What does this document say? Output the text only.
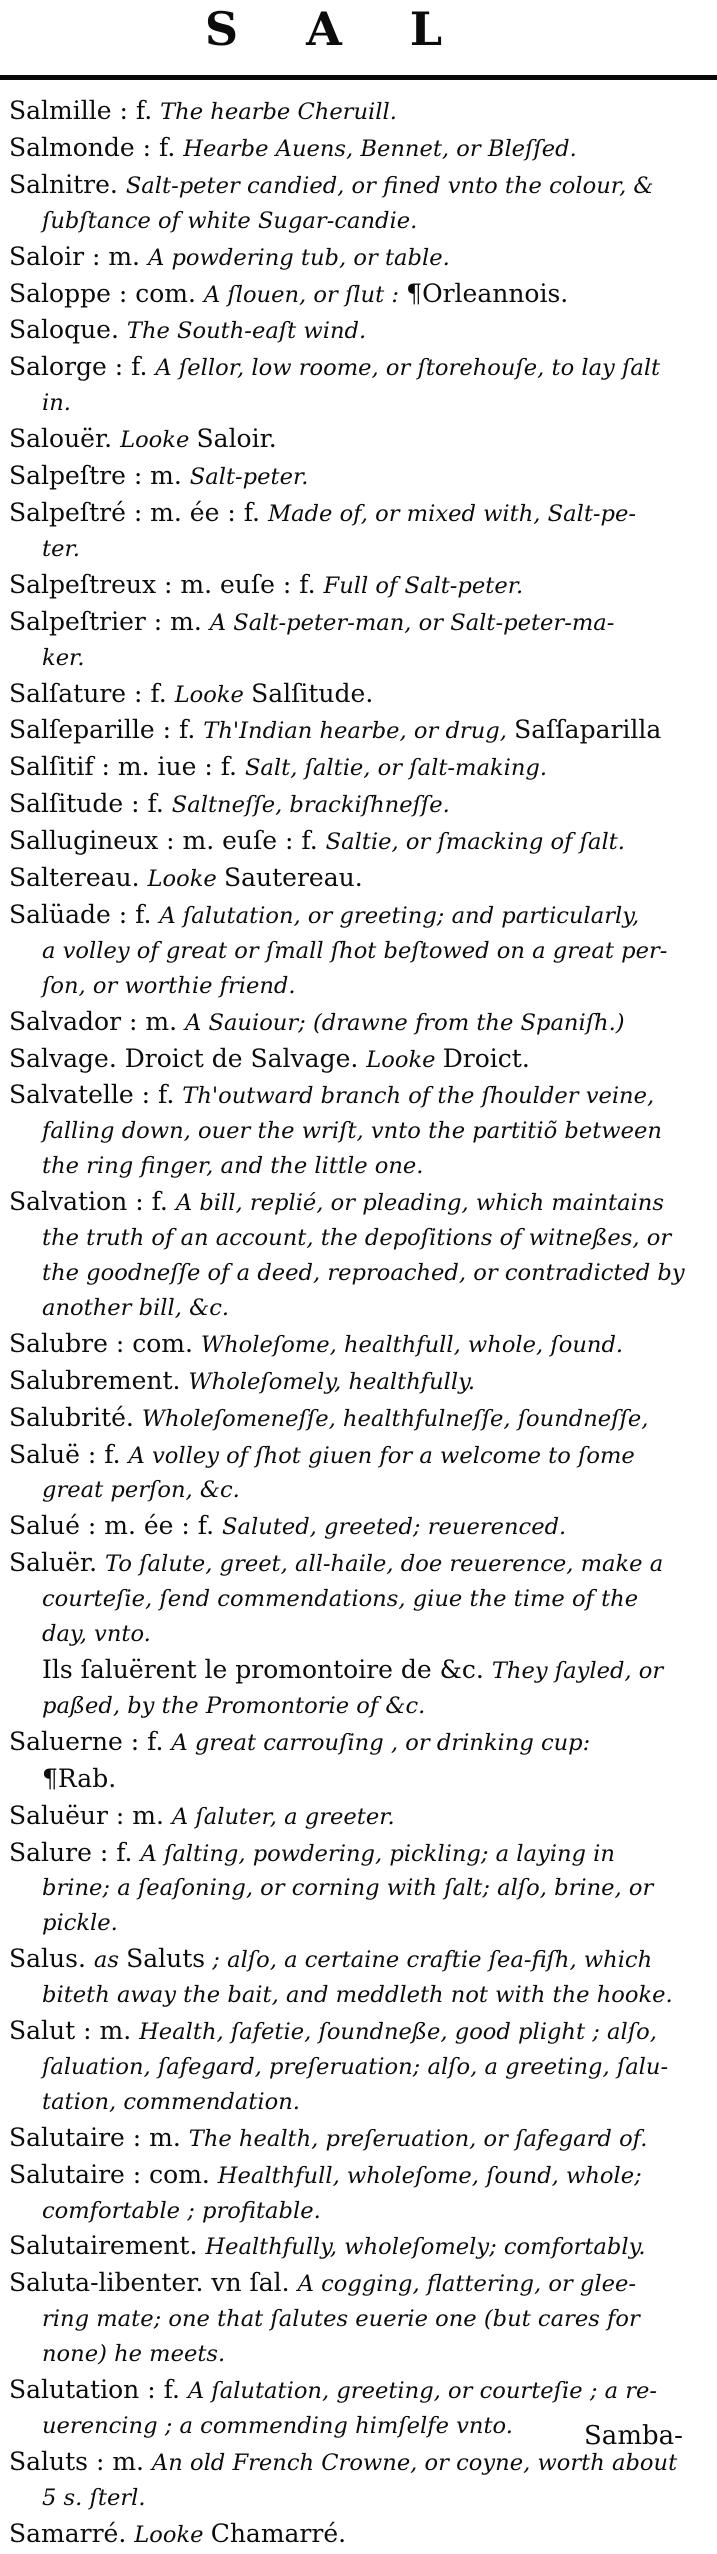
S A L
Salmille : f. The hearbe Cheruill.
Salmonde : f. Hearbe Auens, Bennet, or Bleſſed.
Salnitre. Salt-peter candied, or fined vnto the colour, &
ſubſtance of white Sugar-candie.
Saloir : m. A powdering tub, or table.
Saloppe : com. A ſlouen, or ſlut : ¶Orleannois.
Saloque. The South-eaſt wind.
Salorge : f. A ſellor, low roome, or ſtorehouſe, to lay ſalt
in.
Salouër. Looke Saloir.
Salpeſtre : m. Salt-peter.
Salpeſtré : m. ée : f. Made of, or mixed with, Salt-pe-
ter.
Salpeſtreux : m. euſe : f. Full of Salt-peter.
Salpeſtrier : m. A Salt-peter-man, or Salt-peter-ma-
ker.
Salſature : f. Looke Salſitude.
Salſeparille : f. Th'Indian hearbe, or drug, Saſſaparilla
Salſitif : m. iue : f. Salt, ſaltie, or ſalt-making.
Salſitude : f. Saltneſſe, brackiſhneſſe.
Sallugineux : m. euſe : f. Saltie, or ſmacking of ſalt.
Saltereau. Looke Sautereau.
Salüade : f. A ſalutation, or greeting; and particularly,
a volley of great or ſmall ſhot beſtowed on a great per-
ſon, or worthie friend.
Salvador : m. A Sauiour; (drawne from the Spaniſh.)
Salvage. Droict de Salvage. Looke Droict.
Salvatelle : f. Th'outward branch of the ſhoulder veine,
falling down, ouer the wriſt, vnto the partitiõ between
the ring finger, and the little one.
Salvation : f. A bill, replié, or pleading, which maintains
the truth of an account, the depoſitions of witneßes, or
the goodneſſe of a deed, reproached, or contradicted by
another bill, &c.
Salubre : com. Wholeſome, healthfull, whole, ſound.
Salubrement. Wholeſomely, healthfully.
Salubrité. Wholeſomeneſſe, healthfulneſſe, ſoundneſſe,
Saluë : f. A volley of ſhot giuen for a welcome to ſome
great perſon, &c.
Salué : m. ée : f. Saluted, greeted; reuerenced.
Saluër. To ſalute, greet, all-haile, doe reuerence, make a
courteſie, ſend commendations, giue the time of the
day, vnto.
Ils ſaluërent le promontoire de &c. They ſayled, or
paßed, by the Promontorie of &c.
Saluerne : f. A great carrouſing , or drinking cup:
¶Rab.
Saluëur : m. A ſaluter, a greeter.
Salure : f. A ſalting, powdering, pickling; a laying in
brine; a ſeaſoning, or corning with ſalt; alſo, brine, or
pickle.
Salus. as Saluts ; alſo, a certaine craftie ſea-fiſh, which
biteth away the bait, and meddleth not with the hooke.
Salut : m. Health, ſafetie, ſoundneße, good plight ; alſo,
ſaluation, ſafegard, preſeruation; alſo, a greeting, ſalu-
tation, commendation.
Salutaire : m. The health, preſeruation, or ſafegard of.
Salutaire : com. Healthfull, wholeſome, ſound, whole;
comfortable ; profitable.
Salutairement. Healthfully, wholeſomely; comfortably.
Saluta-libenter. vn ſal. A cogging, flattering, or glee-
ring mate; one that ſalutes euerie one (but cares for
none) he meets.
Salutation : f. A ſalutation, greeting, or courteſie ; a re-
uerencing ; a commending himſelfe vnto.
Saluts : m. An old French Crowne, or coyne, worth about
5 s. ſterl.
Samarré. Looke Chamarré.
Samba-
